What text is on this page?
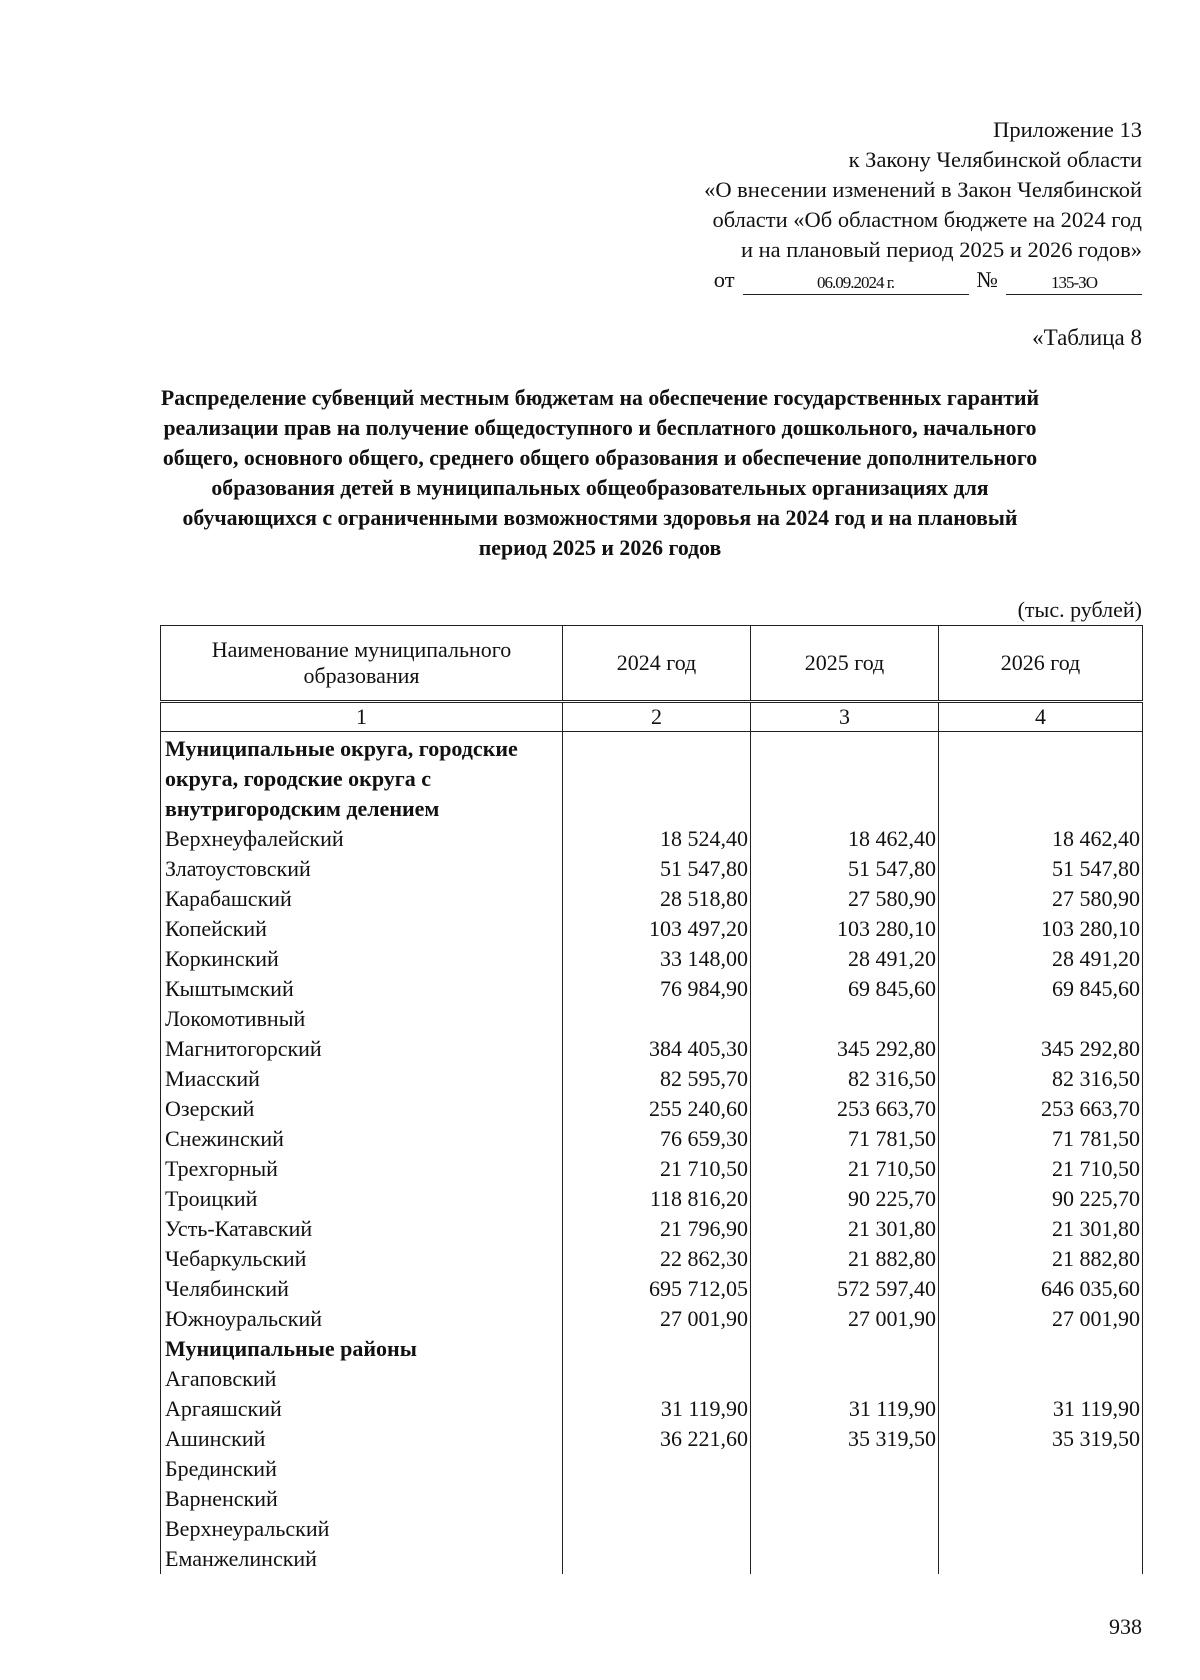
Приложение 13
к Закону Челябинской области
«О внесении изменений в Закон Челябинской
области «Об областном бюджете на 2024 год
и на плановый период 2025 и 2026 годов»
от	06.09.2024 г.	№	135-ЗО
«Таблица 8
Распределение субвенций местным бюджетам на обеспечение государственных гарантий реализации прав на получение общедоступного и бесплатного дошкольного, начального общего, основного общего, среднего общего образования и обеспечение дополнительного образования детей в муниципальных общеобразовательных организациях для обучающихся с ограниченными возможностями здоровья на 2024 год и на плановый период 2025 и 2026 годов
(тыс. рублей)
Наименование муниципального образования	2024 год	2025 год	2026 год
1	2	3	4
Муниципальные округа, городские округа, городские округа с внутригородским делением			
Верхнеуфалейский	18 524,40	18 462,40	18 462,40
Златоустовский	51 547,80	51 547,80	51 547,80
Карабашский	28 518,80	27 580,90	27 580,90
Копейский	103 497,20	103 280,10	103 280,10
Коркинский	33 148,00	28 491,20	28 491,20
Кыштымский	76 984,90	69 845,60	69 845,60
Локомотивный			
Магнитогорский	384 405,30	345 292,80	345 292,80
Миасский	82 595,70	82 316,50	82 316,50
Озерский	255 240,60	253 663,70	253 663,70
Снежинский	76 659,30	71 781,50	71 781,50
Трехгорный	21 710,50	21 710,50	21 710,50
Троицкий	118 816,20	90 225,70	90 225,70
Усть-Катавский	21 796,90	21 301,80	21 301,80
Чебаркульский	22 862,30	21 882,80	21 882,80
Челябинский	695 712,05	572 597,40	646 035,60
Южноуральский	27 001,90	27 001,90	27 001,90
Муниципальные районы			
Агаповский			
Аргаяшский	31 119,90	31 119,90	31 119,90
Ашинский	36 221,60	35 319,50	35 319,50
Брединский			
Варненский			
Верхнеуральский			
Еманжелинский			
938
